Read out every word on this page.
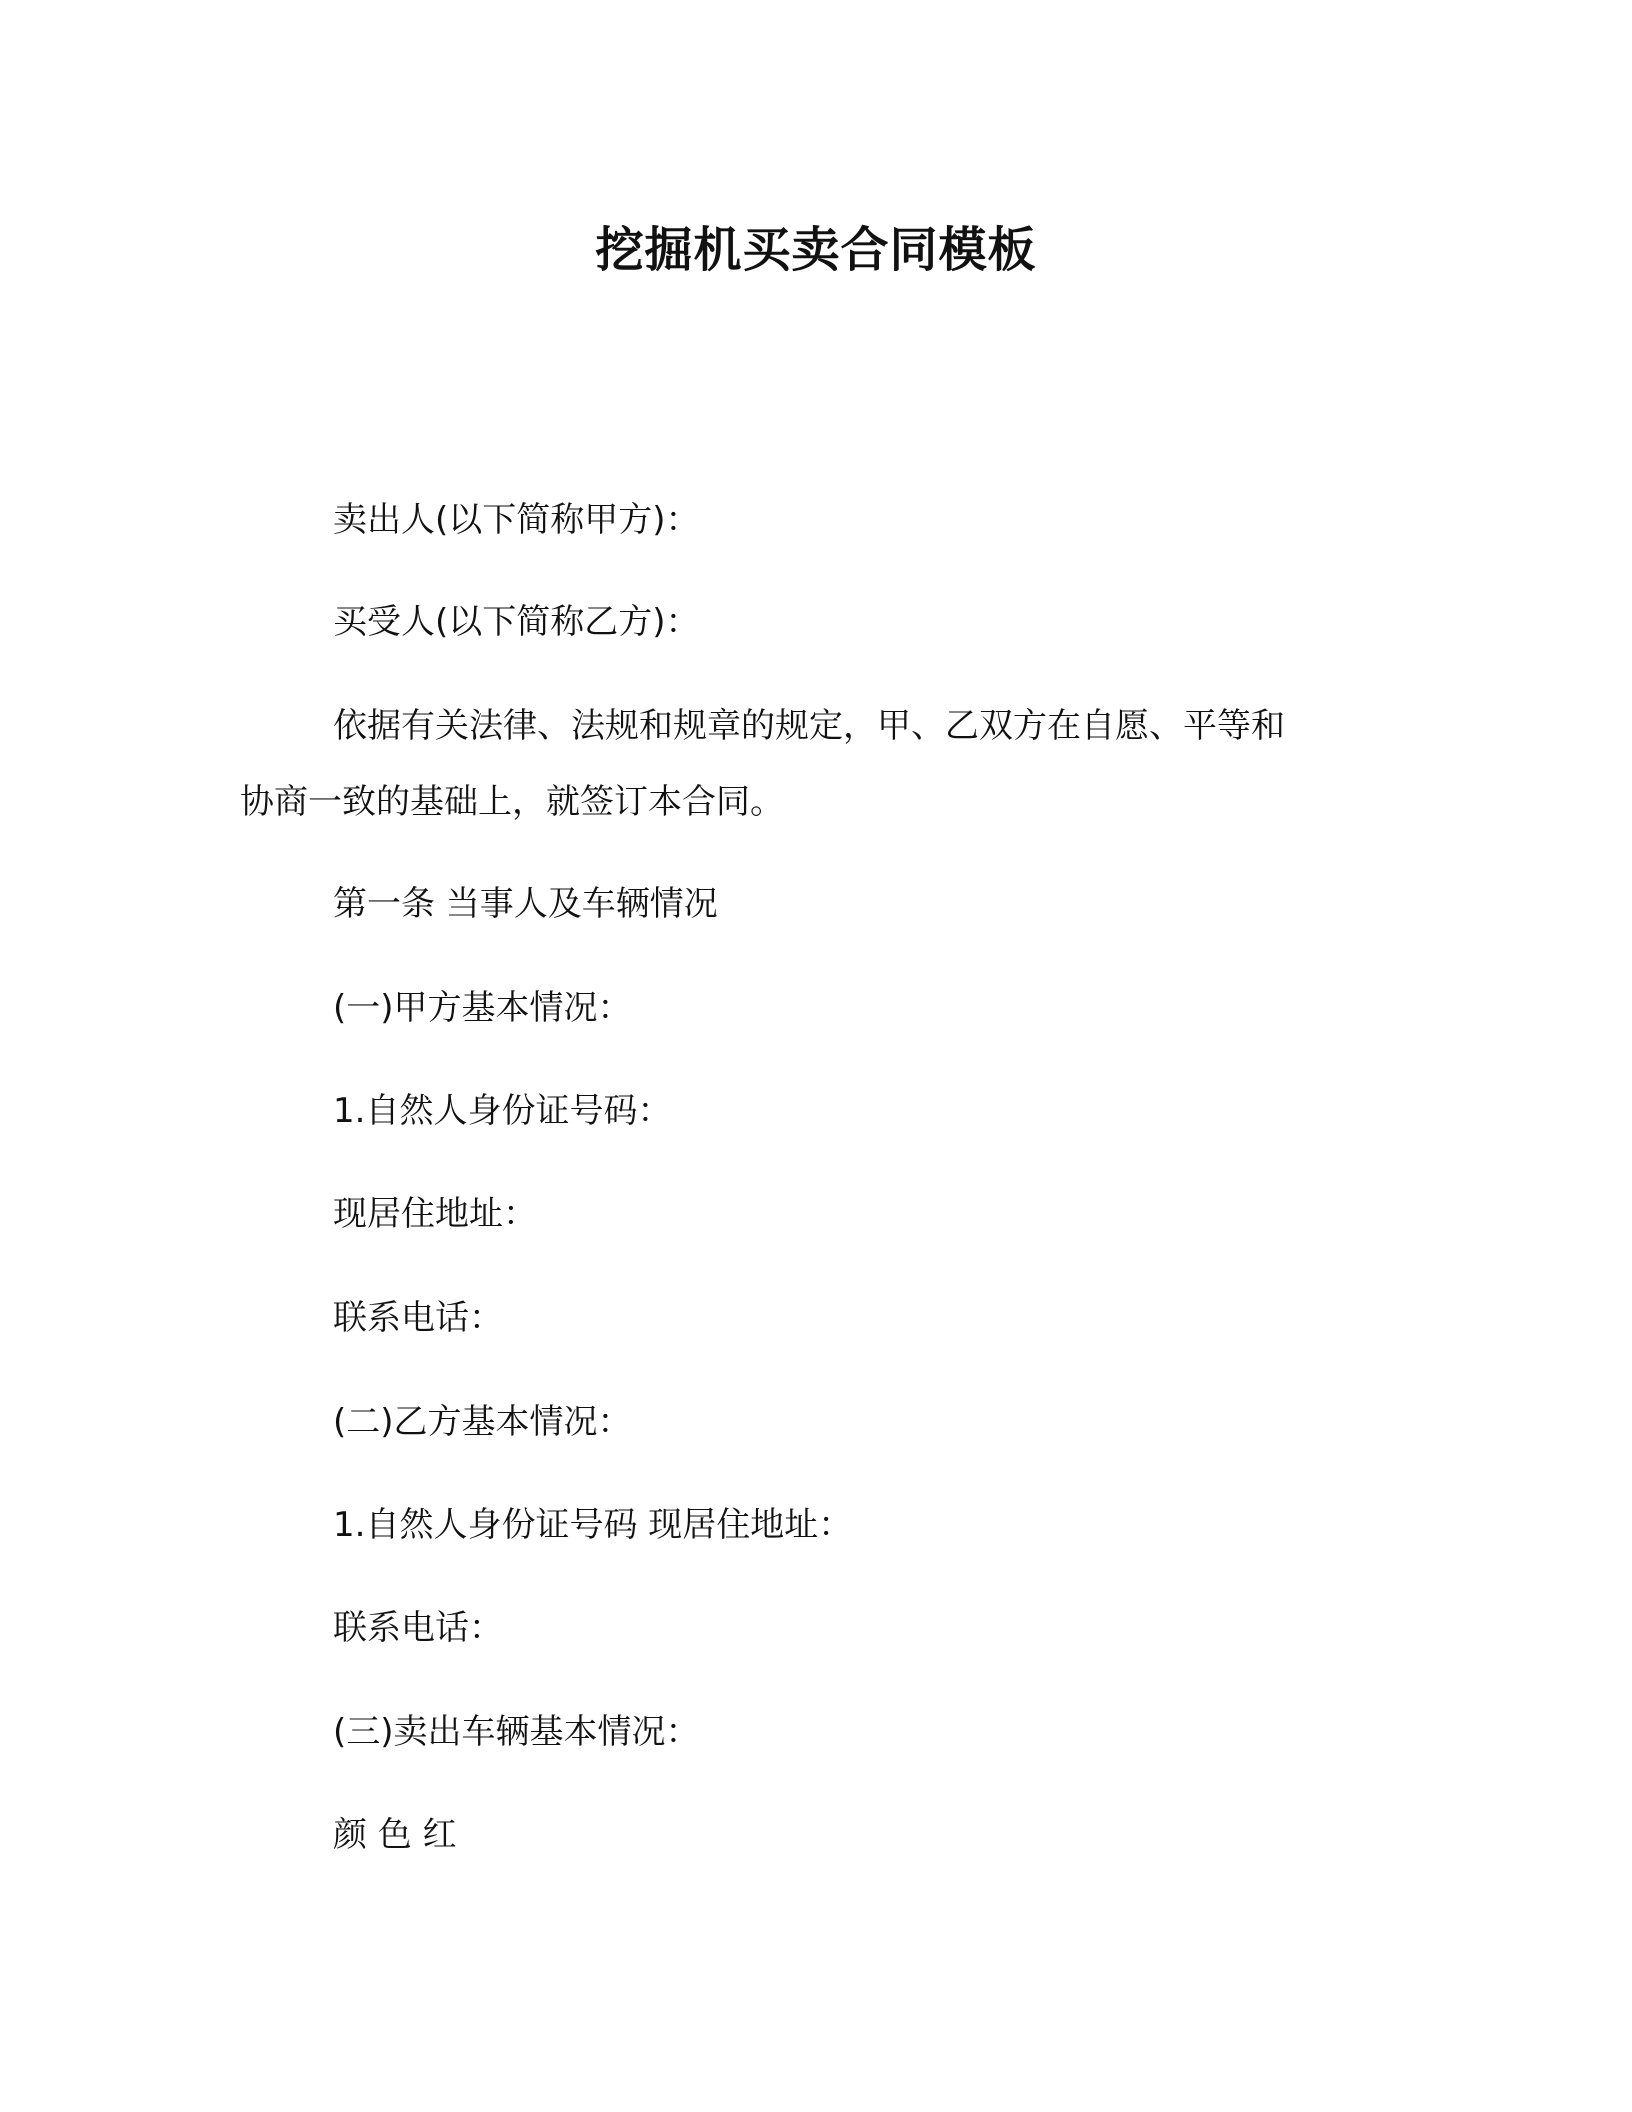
挖掘机买卖合同模板
卖出人(以下简称甲方)：
买受人(以下简称乙方)：
依据有关法律、法规和规章的规定，甲、乙双方在自愿、平等和
协商一致的基础上，就签订本合同。
第一条 当事人及车辆情况
(一)甲方基本情况：
1.自然人身份证号码：
现居住地址：
联系电话：
(二)乙方基本情况：
1.自然人身份证号码 现居住地址：
联系电话：
(三)卖出车辆基本情况：
颜 色 红
